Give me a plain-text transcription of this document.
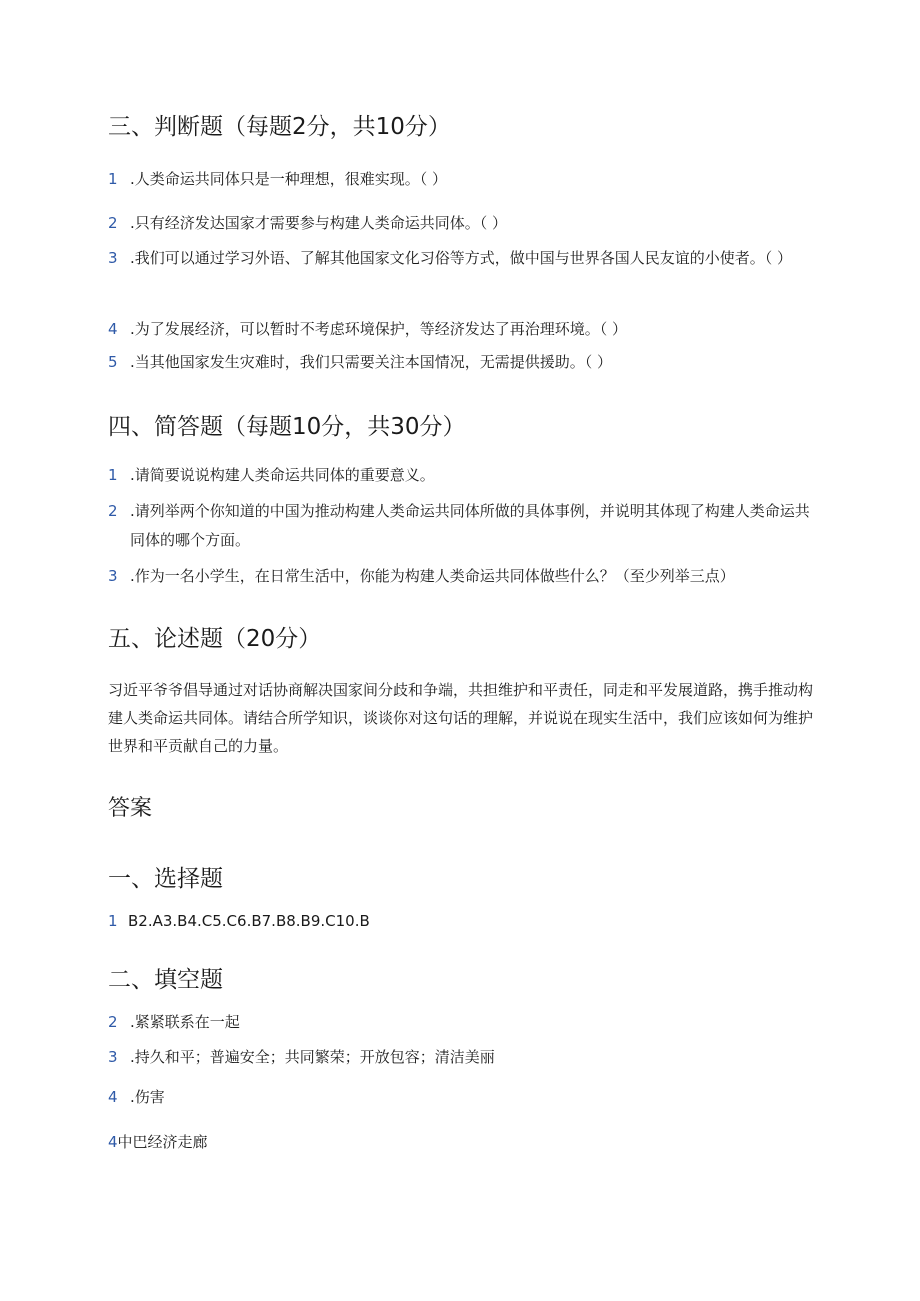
三、判断题（每题2分，共10分）
1 .人类命运共同体只是一种理想，很难实现。（ ）
2 .只有经济发达国家才需要参与构建人类命运共同体。（ ）
3 .我们可以通过学习外语、了解其他国家文化习俗等方式，做中国与世界各国人民友谊的小使者。（ ）
4 .为了发展经济，可以暂时不考虑环境保护，等经济发达了再治理环境。（ ）
5 .当其他国家发生灾难时，我们只需要关注本国情况，无需提供援助。（ ）
四、简答题（每题10分，共30分）
1 .请简要说说构建人类命运共同体的重要意义。
2 .请列举两个你知道的中国为推动构建人类命运共同体所做的具体事例，并说明其体现了构建人类命运共同体的哪个方面。
3 .作为一名小学生，在日常生活中，你能为构建人类命运共同体做些什么？（至少列举三点）
五、论述题（20分）
习近平爷爷倡导通过对话协商解决国家间分歧和争端，共担维护和平责任，同走和平发展道路，携手推动构建人类命运共同体。请结合所学知识，谈谈你对这句话的理解，并说说在现实生活中，我们应该如何为维护世界和平贡献自己的力量。
答案
一、选择题
1 B2.A3.B4.C5.C6.B7.B8.B9.C10.B
二、填空题
2 .紧紧联系在一起
3 .持久和平；普遍安全；共同繁荣；开放包容；清洁美丽
4 .伤害
4中巴经济走廊
